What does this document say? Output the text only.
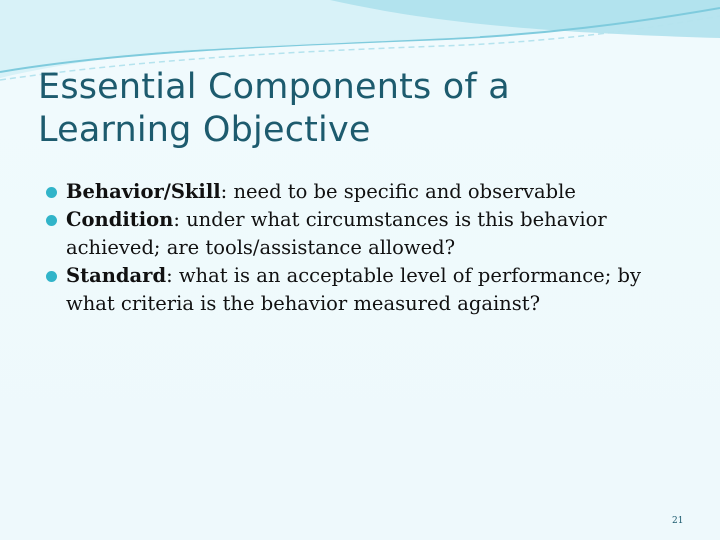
Essential Components of a
Learning Objective
Behavior/Skill: need to be specific and observable
Condition: under what circumstances is this behavior achieved; are tools/assistance allowed?
Standard: what is an acceptable level of performance; by what criteria is the behavior measured against?
21
